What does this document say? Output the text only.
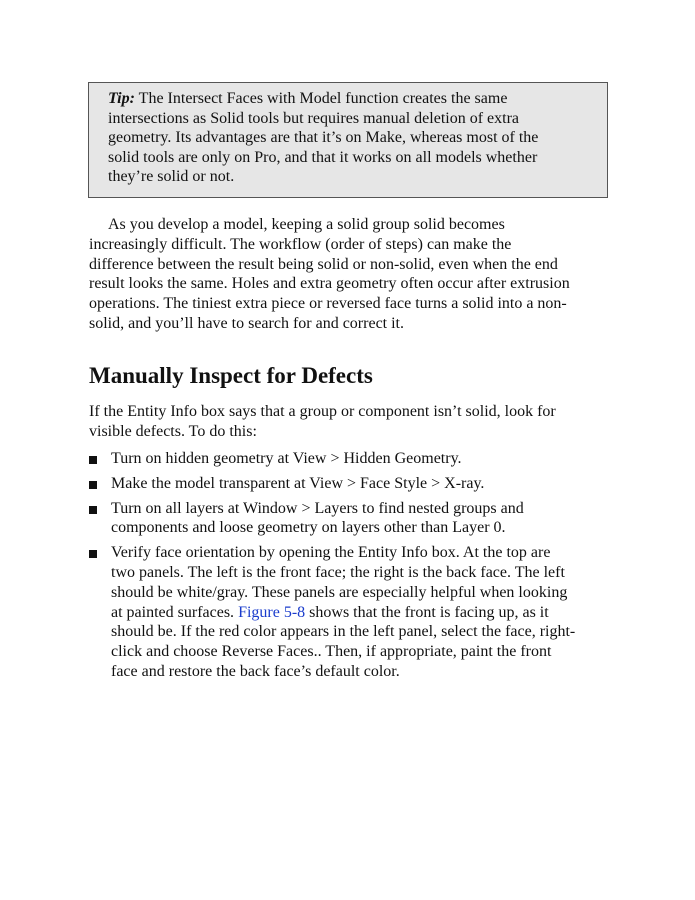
Tip: The Intersect Faces with Model function creates the same
intersections as Solid tools but requires manual deletion of extra
geometry. Its advantages are that it’s on Make, whereas most of the
solid tools are only on Pro, and that it works on all models whether
they’re solid or not.
As you develop a model, keeping a solid group solid becomes
increasingly difficult. The workflow (order of steps) can make the
difference between the result being solid or non-solid, even when the end
result looks the same. Holes and extra geometry often occur after extrusion
operations. The tiniest extra piece or reversed face turns a solid into a non-
solid, and you’ll have to search for and correct it.
Manually Inspect for Defects
If the Entity Info box says that a group or component isn’t solid, look for
visible defects. To do this:
Turn on hidden geometry at View > Hidden Geometry.
Make the model transparent at View > Face Style > X-ray.
Turn on all layers at Window > Layers to find nested groups and
components and loose geometry on layers other than Layer 0.
Verify face orientation by opening the Entity Info box. At the top are
two panels. The left is the front face; the right is the back face. The left
should be white/gray. These panels are especially helpful when looking
at painted surfaces. Figure 5-8 shows that the front is facing up, as it
should be. If the red color appears in the left panel, select the face, right-
click and choose Reverse Faces.. Then, if appropriate, paint the front
face and restore the back face’s default color.
